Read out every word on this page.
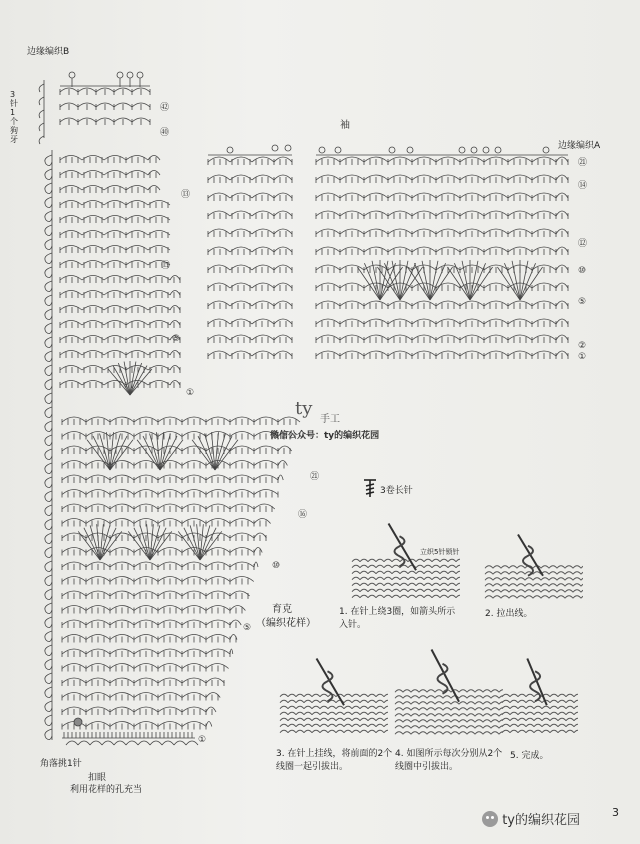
边缘编织B
3针1个狗牙
袖
边缘编织A
育克
（编织花样）
角落挑1针
扣眼
利用花样的孔充当
3卷长针
ty
手工
微信公众号：ty的编织花园
立织5针锁针
1. 在针上绕3圈，如箭头所示入针。
2. 拉出线。
3. 在针上挂线，将前面的2个线圈一起引拔出。
4. 如图所示每次分别从2个线圈中引拔出。
5. 完成。
㊷
㊵
㉑
⑭
⑫
⑩
⑤
②
①
⑬
⑮
⑤
①
㉑
⑯
⑩
⑤
①
3
ty的编织花园
